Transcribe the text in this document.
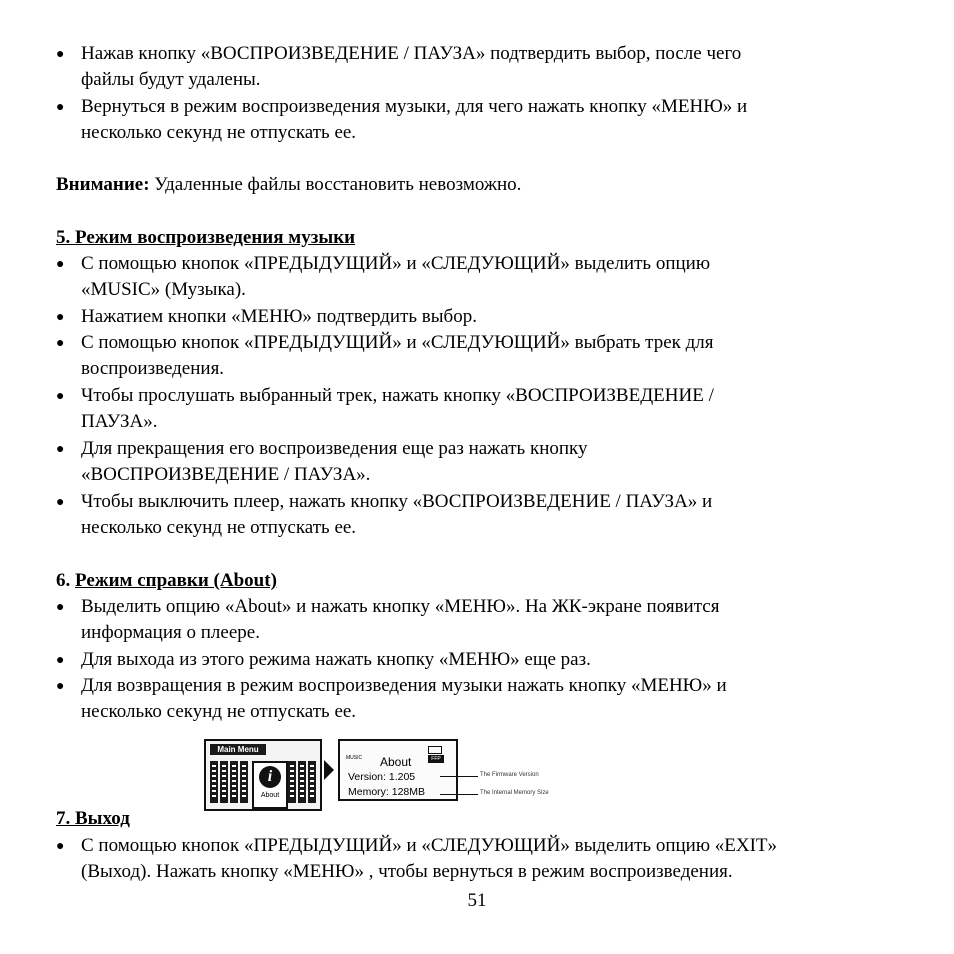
● Нажав кнопку «ВОСПРОИЗВЕДЕНИЕ / ПАУЗА» подтвердить выбор, после чего
файлы будут удалены.
● Вернуться в режим воспроизведения музыки, для чего нажать кнопку «МЕНЮ» и
несколько секунд не отпускать ее.
Внимание: Удаленные файлы восстановить невозможно.
5. Режим воспроизведения музыки
● С помощью кнопок «ПРЕДЫДУЩИЙ» и «СЛЕДУЮЩИЙ» выделить опцию
«MUSIC» (Музыка).
● Нажатием кнопки «МЕНЮ» подтвердить выбор.
● С помощью кнопок «ПРЕДЫДУЩИЙ» и «СЛЕДУЮЩИЙ» выбрать трек для
воспроизведения.
● Чтобы прослушать выбранный трек, нажать кнопку «ВОСПРОИЗВЕДЕНИЕ /
ПАУЗА».
● Для прекращения его воспроизведения еще раз нажать кнопку
«ВОСПРОИЗВЕДЕНИЕ / ПАУЗА».
● Чтобы выключить плеер, нажать кнопку «ВОСПРОИЗВЕДЕНИЕ / ПАУЗА» и
несколько секунд не отпускать ее.
6. Режим справки (About)
● Выделить опцию «About» и нажать кнопку «МЕНЮ». На ЖК-экране появится
информация о плеере.
● Для выхода из этого режима нажать кнопку «МЕНЮ» еще раз.
● Для возвращения в режим воспроизведения музыки нажать кнопку «МЕНЮ» и
несколько секунд не отпускать ее.
Main Menu
i
About
MUSIC About	FFP
Version: 1.205
Memory: 128MB
The Firmware Version
The Internal Memory Size
7. Выход
● С помощью кнопок «ПРЕДЫДУЩИЙ» и «СЛЕДУЮЩИЙ» выделить опцию «EXIT»
(Выход). Нажать кнопку «МЕНЮ» , чтобы вернуться в режим воспроизведения.
51
